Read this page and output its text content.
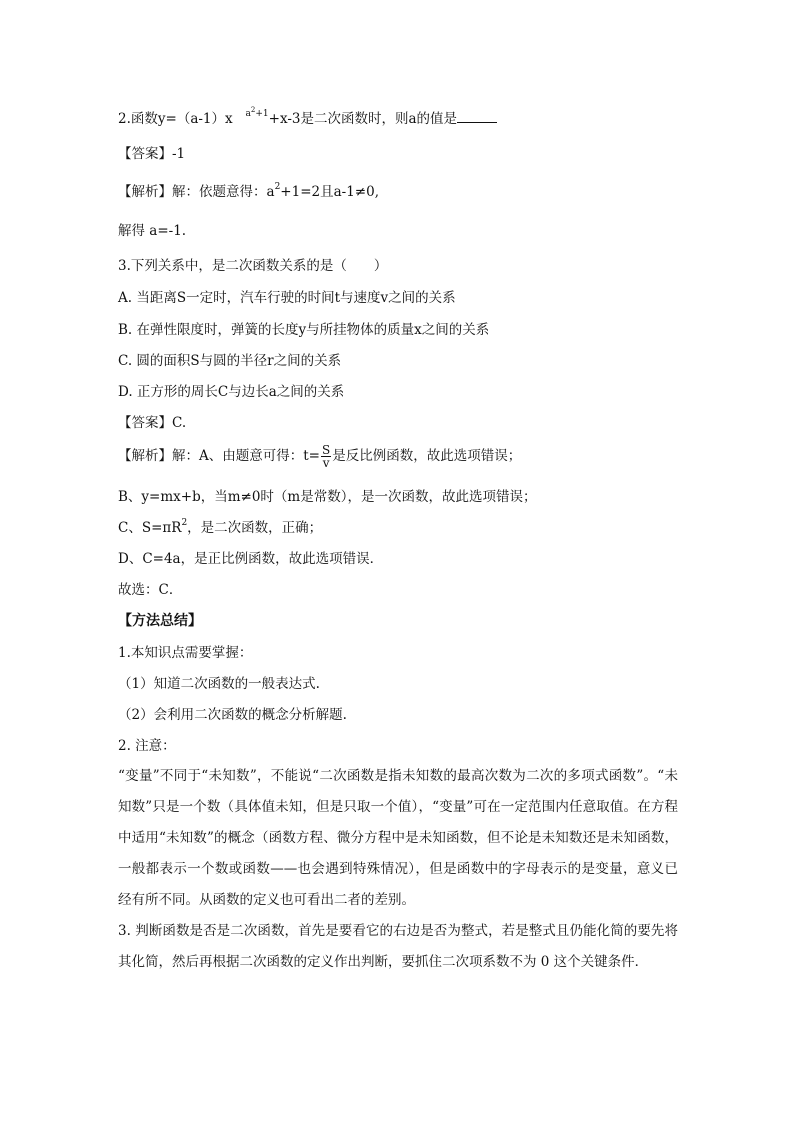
2.函数y=（a-1）x $^{a^2+1}$+x-3是二次函数时，则a的值是
【答案】-1
【解析】解：依题意得：$a^2+1=2$且a-1≠0,
解得 a=-1.
3.下列关系中，是二次函数关系的是（　　）
A. 当距离S一定时，汽车行驶的时间t与速度v之间的关系
B. 在弹性限度时，弹簧的长度y与所挂物体的质量x之间的关系
C. 圆的面积S与圆的半径r之间的关系
D. 正方形的周长C与边长a之间的关系
【答案】C.
【解析】解：A、由题意可得：$t= \frac{S}{v}$ 是反比例函数，故此选项错误；
B、y=mx+b，当m≠0时（m是常数），是一次函数，故此选项错误；
C、$S=\pi R^2$，是二次函数，正确；
D、C=4a，是正比例函数，故此选项错误．
故选：C．
【方法总结】
1.本知识点需要掌握：
（1）知道二次函数的一般表达式.
（2）会利用二次函数的概念分析解题.
2. 注意：
“变量”不同于“未知数”，不能说“二次函数是指未知数的最高次数为二次的多项式函数”。“未知数”只是一个数（具体值未知，但是只取一个值），“变量”可在一定范围内任意取值。在方程中适用“未知数”的概念（函数方程、微分方程中是未知函数，但不论是未知数还是未知函数，一般都表示一个数或函数——也会遇到特殊情况），但是函数中的字母表示的是变量，意义已经有所不同。从函数的定义也可看出二者的差别。
3. 判断函数是否是二次函数，首先是要看它的右边是否为整式，若是整式且仍能化简的要先将其化简，然后再根据二次函数的定义作出判断，要抓住二次项系数不为 0 这个关键条件．
